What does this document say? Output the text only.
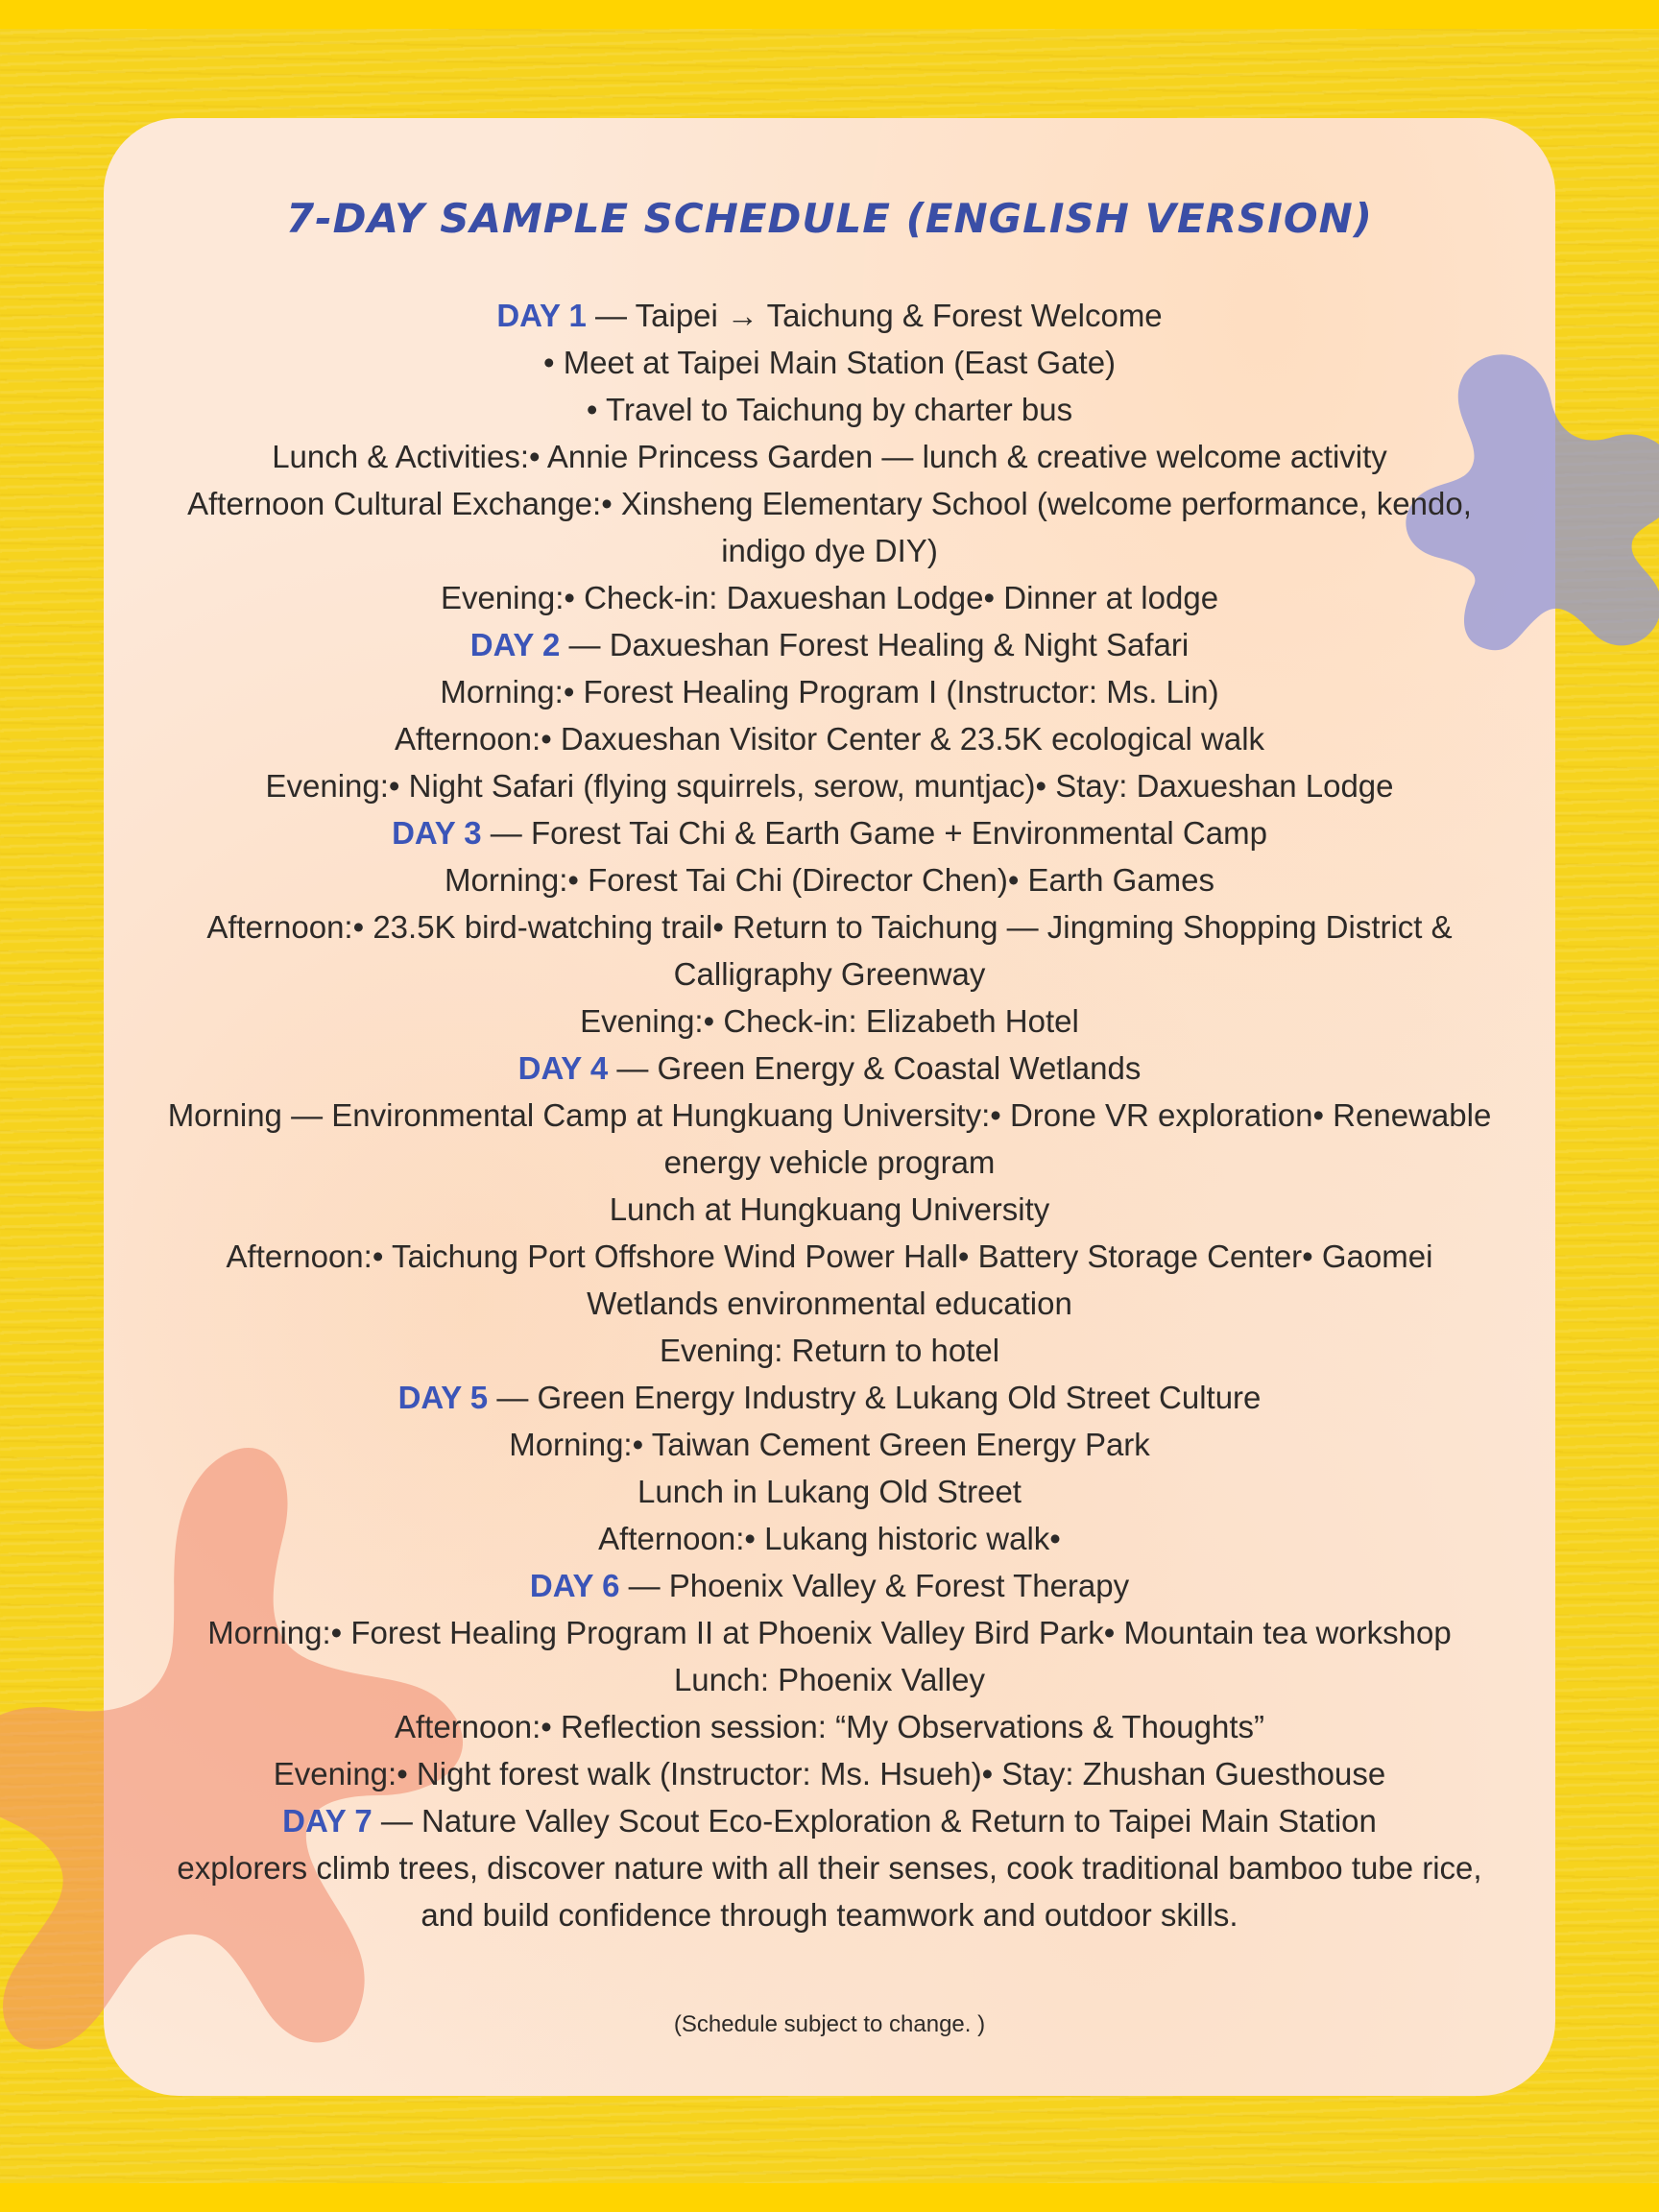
7-DAY SAMPLE SCHEDULE (ENGLISH VERSION)
DAY 1 — Taipei → Taichung & Forest Welcome
• Meet at Taipei Main Station (East Gate)
• Travel to Taichung by charter bus
Lunch & Activities:• Annie Princess Garden — lunch & creative welcome activity
Afternoon Cultural Exchange:• Xinsheng Elementary School (welcome performance, kendo, indigo dye DIY)
Evening:• Check-in: Daxueshan Lodge• Dinner at lodge
DAY 2 — Daxueshan Forest Healing & Night Safari
Morning:• Forest Healing Program I (Instructor: Ms. Lin)
Afternoon:• Daxueshan Visitor Center & 23.5K ecological walk
Evening:• Night Safari (flying squirrels, serow, muntjac)• Stay: Daxueshan Lodge
DAY 3 — Forest Tai Chi & Earth Game + Environmental Camp
Morning:• Forest Tai Chi (Director Chen)• Earth Games
Afternoon:• 23.5K bird-watching trail• Return to Taichung — Jingming Shopping District & Calligraphy Greenway
Evening:• Check-in: Elizabeth Hotel
DAY 4 — Green Energy & Coastal Wetlands
Morning — Environmental Camp at Hungkuang University:• Drone VR exploration• Renewable energy vehicle program
Lunch at Hungkuang University
Afternoon:• Taichung Port Offshore Wind Power Hall• Battery Storage Center• Gaomei Wetlands environmental education
Evening: Return to hotel
DAY 5 — Green Energy Industry & Lukang Old Street Culture
Morning:• Taiwan Cement Green Energy Park
Lunch in Lukang Old Street
Afternoon:• Lukang historic walk•
DAY 6 — Phoenix Valley & Forest Therapy
Morning:• Forest Healing Program II at Phoenix Valley Bird Park• Mountain tea workshop
Lunch: Phoenix Valley
Afternoon:• Reflection session: “My Observations & Thoughts”
Evening:• Night forest walk (Instructor: Ms. Hsueh)• Stay: Zhushan Guesthouse
DAY 7 — Nature Valley Scout Eco-Exploration & Return to Taipei Main Station
explorers climb trees, discover nature with all their senses, cook traditional bamboo tube rice, and build confidence through teamwork and outdoor skills.
(Schedule subject to change. )
